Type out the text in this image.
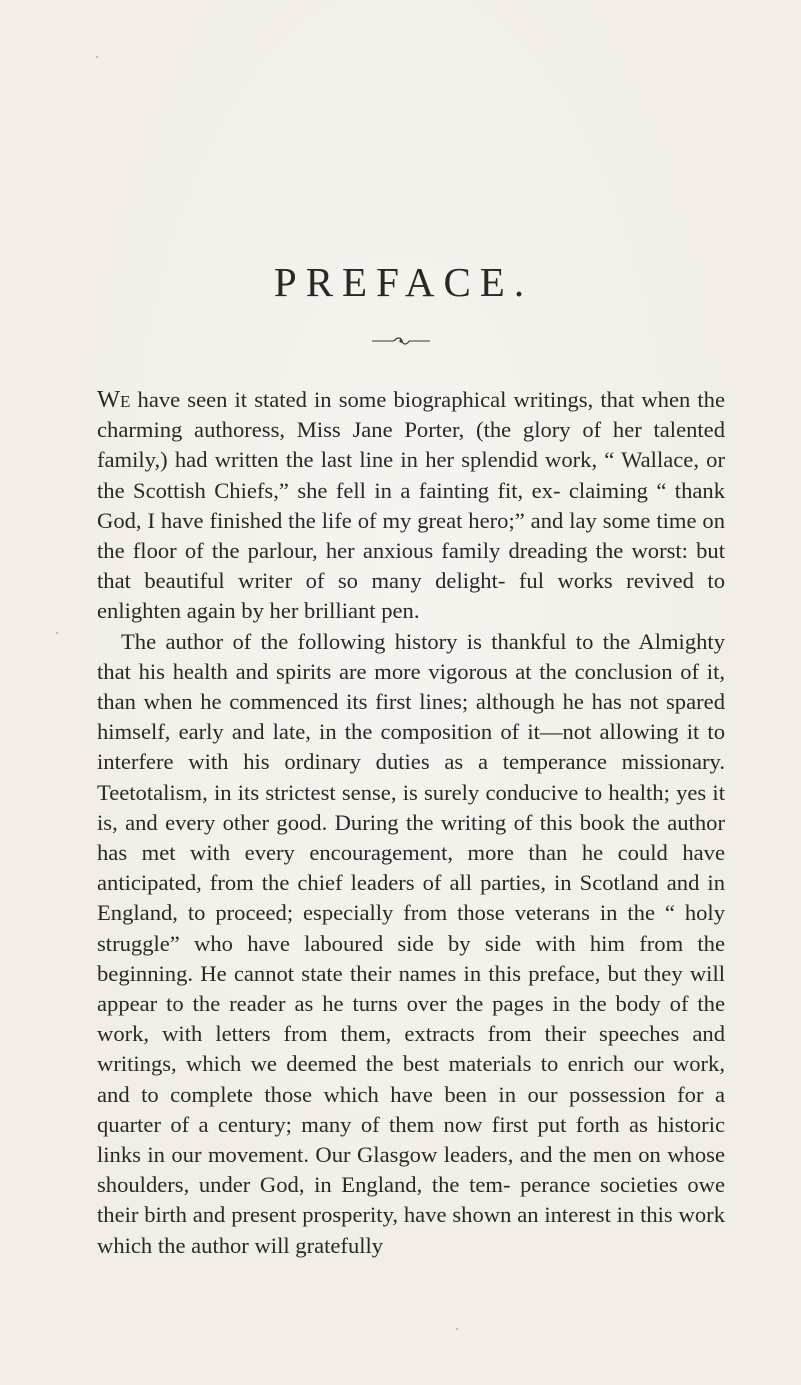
PREFACE.

We have seen it stated in some biographical writings, that when the charming authoress, Miss Jane Porter, (the glory of her talented family,) had written the last line in her splendid work, “ Wallace, or the Scottish Chiefs,” she fell in a fainting fit, ex- claiming “ thank God, I have finished the life of my great hero;” and lay some time on the floor of the parlour, her anxious family dreading the worst: but that beautiful writer of so many delight- ful works revived to enlighten again by her brilliant pen.

The author of the following history is thankful to the Almighty that his health and spirits are more vigorous at the conclusion of it, than when he commenced its first lines; although he has not spared himself, early and late, in the composition of it—not allowing it to interfere with his ordinary duties as a temperance missionary. Teetotalism, in its strictest sense, is surely conducive to health; yes it is, and every other good. During the writing of this book the author has met with every encouragement, more than he could have anticipated, from the chief leaders of all parties, in Scotland and in England, to proceed; especially from those veterans in the “ holy struggle” who have laboured side by side with him from the beginning. He cannot state their names in this preface, but they will appear to the reader as he turns over the pages in the body of the work, with letters from them, extracts from their speeches and writings, which we deemed the best materials to enrich our work, and to complete those which have been in our possession for a quarter of a century; many of them now first put forth as historic links in our movement. Our Glasgow leaders, and the men on whose shoulders, under God, in England, the tem- perance societies owe their birth and present prosperity, have shown an interest in this work which the author will gratefully
